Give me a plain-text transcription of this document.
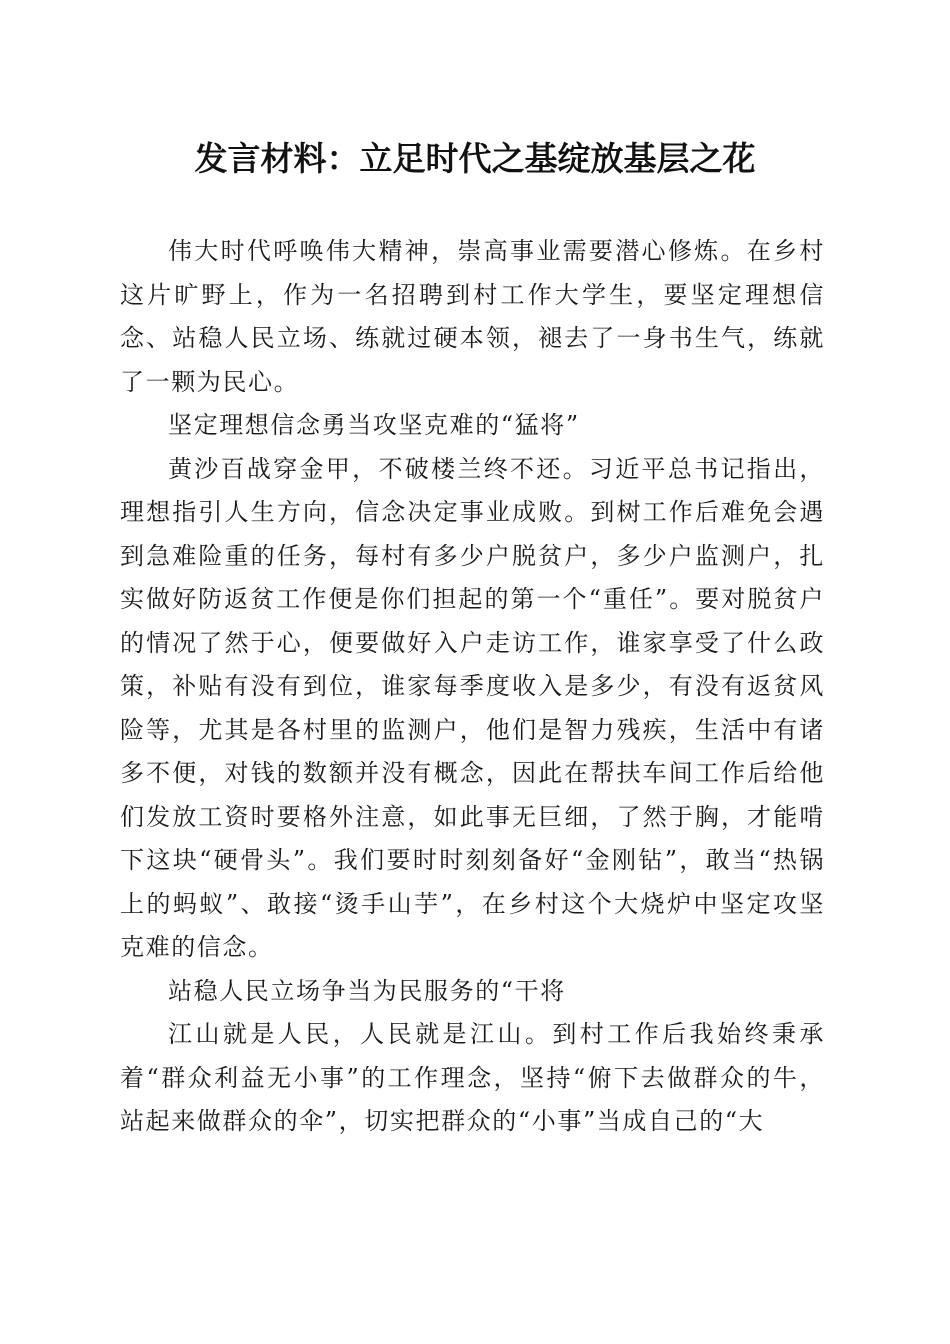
发言材料：立足时代之基绽放基层之花

伟大时代呼唤伟大精神，崇高事业需要潜心修炼。在乡村这片旷野上，作为一名招聘到村工作大学生，要坚定理想信念、站稳人民立场、练就过硬本领，褪去了一身书生气，练就了一颗为民心。

坚定理想信念勇当攻坚克难的“猛将”

黄沙百战穿金甲，不破楼兰终不还。习近平总书记指出，理想指引人生方向，信念决定事业成败。到树工作后难免会遇到急难险重的任务，每村有多少户脱贫户，多少户监测户，扎实做好防返贫工作便是你们担起的第一个“重任”。要对脱贫户的情况了然于心，便要做好入户走访工作，谁家享受了什么政策，补贴有没有到位，谁家每季度收入是多少，有没有返贫风险等，尤其是各村里的监测户，他们是智力残疾，生活中有诸多不便，对钱的数额并没有概念，因此在帮扶车间工作后给他们发放工资时要格外注意，如此事无巨细，了然于胸，才能啃下这块“硬骨头”。我们要时时刻刻备好“金刚钻”，敢当“热锅上的蚂蚁”、敢接“烫手山芋”，在乡村这个大烧炉中坚定攻坚克难的信念。

站稳人民立场争当为民服务的“干将

江山就是人民，人民就是江山。到村工作后我始终秉承着“群众利益无小事”的工作理念，坚持“俯下去做群众的牛，站起来做群众的伞”，切实把群众的“小事”当成自己的“大
